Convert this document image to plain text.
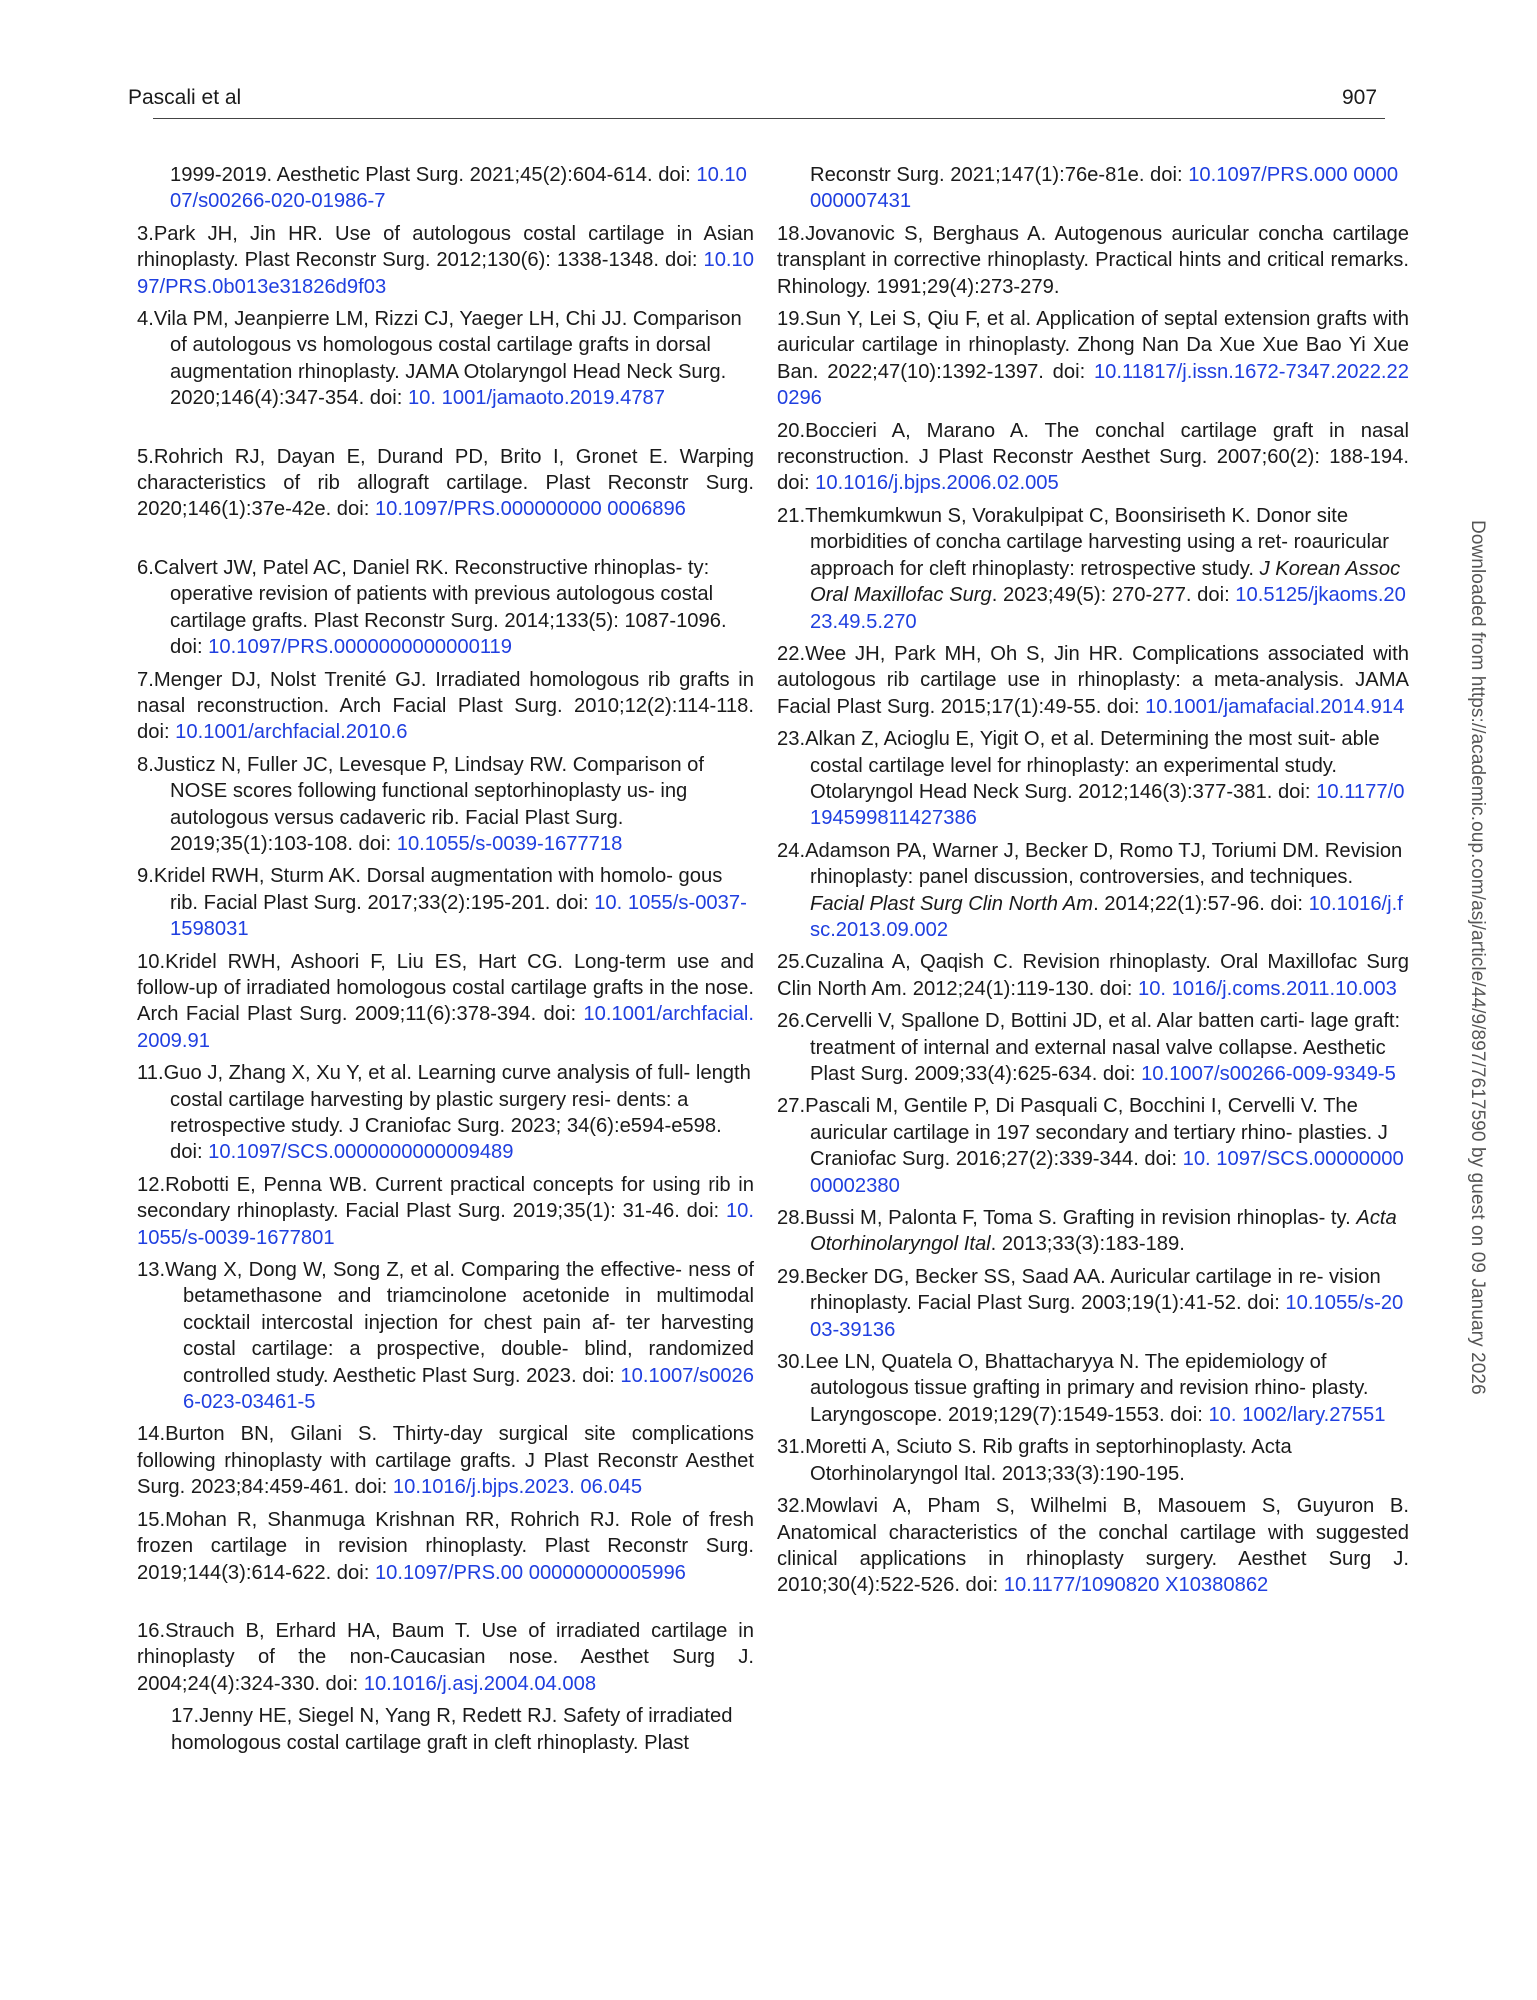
Pascali et al	907
1999-2019. Aesthetic Plast Surg. 2021;45(2):604-614. doi: 10.1007/s00266-020-01986-7
3.Park JH, Jin HR. Use of autologous costal cartilage in Asian rhinoplasty. Plast Reconstr Surg. 2012;130(6): 1338-1348. doi: 10.1097/PRS.0b013e31826d9f03
4.Vila PM, Jeanpierre LM, Rizzi CJ, Yaeger LH, Chi JJ. Comparison of autologous vs homologous costal cartilage grafts in dorsal augmentation rhinoplasty. JAMA Otolaryngol Head Neck Surg. 2020;146(4):347-354. doi: 10. 1001/jamaoto.2019.4787
5.Rohrich RJ, Dayan E, Durand PD, Brito I, Gronet E. Warping characteristics of rib allograft cartilage. Plast Reconstr Surg. 2020;146(1):37e-42e. doi: 10.1097/PRS.000000000 0006896
6.Calvert JW, Patel AC, Daniel RK. Reconstructive rhinoplas- ty: operative revision of patients with previous autologous costal cartilage grafts. Plast Reconstr Surg. 2014;133(5): 1087-1096. doi: 10.1097/PRS.0000000000000119
7.Menger DJ, Nolst Trenité GJ. Irradiated homologous rib grafts in nasal reconstruction. Arch Facial Plast Surg. 2010;12(2):114-118. doi: 10.1001/archfacial.2010.6
8.Justicz N, Fuller JC, Levesque P, Lindsay RW. Comparison of NOSE scores following functional septorhinoplasty us- ing autologous versus cadaveric rib. Facial Plast Surg. 2019;35(1):103-108. doi: 10.1055/s-0039-1677718
9.Kridel RWH, Sturm AK. Dorsal augmentation with homolo- gous rib. Facial Plast Surg. 2017;33(2):195-201. doi: 10. 1055/s-0037-1598031
10.Kridel RWH, Ashoori F, Liu ES, Hart CG. Long-term use and follow-up of irradiated homologous costal cartilage grafts in the nose. Arch Facial Plast Surg. 2009;11(6):378-394. doi: 10.1001/archfacial.2009.91
11.Guo J, Zhang X, Xu Y, et al. Learning curve analysis of full- length costal cartilage harvesting by plastic surgery resi- dents: a retrospective study. J Craniofac Surg. 2023; 34(6):e594-e598. doi: 10.1097/SCS.0000000000009489
12.Robotti E, Penna WB. Current practical concepts for using rib in secondary rhinoplasty. Facial Plast Surg. 2019;35(1): 31-46. doi: 10.1055/s-0039-1677801
13.Wang X, Dong W, Song Z, et al. Comparing the effective- ness of betamethasone and triamcinolone acetonide in multimodal cocktail intercostal injection for chest pain af- ter harvesting costal cartilage: a prospective, double- blind, randomized controlled study. Aesthetic Plast Surg. 2023. doi: 10.1007/s00266-023-03461-5
14.Burton BN, Gilani S. Thirty-day surgical site complications following rhinoplasty with cartilage grafts. J Plast Reconstr Aesthet Surg. 2023;84:459-461. doi: 10.1016/j.bjps.2023. 06.045
15.Mohan R, Shanmuga Krishnan RR, Rohrich RJ. Role of fresh frozen cartilage in revision rhinoplasty. Plast Reconstr Surg. 2019;144(3):614-622. doi: 10.1097/PRS.00 00000000005996
16.Strauch B, Erhard HA, Baum T. Use of irradiated cartilage in rhinoplasty of the non-Caucasian nose. Aesthet Surg J. 2004;24(4):324-330. doi: 10.1016/j.asj.2004.04.008
17.Jenny HE, Siegel N, Yang R, Redett RJ. Safety of irradiated homologous costal cartilage graft in cleft rhinoplasty. Plast
Reconstr Surg. 2021;147(1):76e-81e. doi: 10.1097/PRS.000 0000000007431
18.Jovanovic S, Berghaus A. Autogenous auricular concha cartilage transplant in corrective rhinoplasty. Practical hints and critical remarks. Rhinology. 1991;29(4):273-279.
19.Sun Y, Lei S, Qiu F, et al. Application of septal extension grafts with auricular cartilage in rhinoplasty. Zhong Nan Da Xue Xue Bao Yi Xue Ban. 2022;47(10):1392-1397. doi: 10.11817/j.issn.1672-7347.2022.220296
20.Boccieri A, Marano A. The conchal cartilage graft in nasal reconstruction. J Plast Reconstr Aesthet Surg. 2007;60(2): 188-194. doi: 10.1016/j.bjps.2006.02.005
21.Themkumkwun S, Vorakulpipat C, Boonsiriseth K. Donor site morbidities of concha cartilage harvesting using a ret- roauricular approach for cleft rhinoplasty: retrospective study. J Korean Assoc Oral Maxillofac Surg. 2023;49(5): 270-277. doi: 10.5125/jkaoms.2023.49.5.270
22.Wee JH, Park MH, Oh S, Jin HR. Complications associated with autologous rib cartilage use in rhinoplasty: a meta-analysis. JAMA Facial Plast Surg. 2015;17(1):49-55. doi: 10.1001/jamafacial.2014.914
23.Alkan Z, Acioglu E, Yigit O, et al. Determining the most suit- able costal cartilage level for rhinoplasty: an experimental study. Otolaryngol Head Neck Surg. 2012;146(3):377-381. doi: 10.1177/0194599811427386
24.Adamson PA, Warner J, Becker D, Romo TJ, Toriumi DM. Revision rhinoplasty: panel discussion, controversies, and techniques. Facial Plast Surg Clin North Am. 2014;22(1):57-96. doi: 10.1016/j.fsc.2013.09.002
25.Cuzalina A, Qaqish C. Revision rhinoplasty. Oral Maxillofac Surg Clin North Am. 2012;24(1):119-130. doi: 10. 1016/j.coms.2011.10.003
26.Cervelli V, Spallone D, Bottini JD, et al. Alar batten carti- lage graft: treatment of internal and external nasal valve collapse. Aesthetic Plast Surg. 2009;33(4):625-634. doi: 10.1007/s00266-009-9349-5
27.Pascali M, Gentile P, Di Pasquali C, Bocchini I, Cervelli V. The auricular cartilage in 197 secondary and tertiary rhino- plasties. J Craniofac Surg. 2016;27(2):339-344. doi: 10. 1097/SCS.0000000000002380
28.Bussi M, Palonta F, Toma S. Grafting in revision rhinoplas- ty. Acta Otorhinolaryngol Ital. 2013;33(3):183-189.
29.Becker DG, Becker SS, Saad AA. Auricular cartilage in re- vision rhinoplasty. Facial Plast Surg. 2003;19(1):41-52. doi: 10.1055/s-2003-39136
30.Lee LN, Quatela O, Bhattacharyya N. The epidemiology of autologous tissue grafting in primary and revision rhino- plasty. Laryngoscope. 2019;129(7):1549-1553. doi: 10. 1002/lary.27551
31.Moretti A, Sciuto S. Rib grafts in septorhinoplasty. Acta Otorhinolaryngol Ital. 2013;33(3):190-195.
32.Mowlavi A, Pham S, Wilhelmi B, Masouem S, Guyuron B. Anatomical characteristics of the conchal cartilage with suggested clinical applications in rhinoplasty surgery. Aesthet Surg J. 2010;30(4):522-526. doi: 10.1177/1090820 X10380862
Downloaded from https://academic.oup.com/asj/article/44/9/897/7617590 by guest on 09 January 2026
